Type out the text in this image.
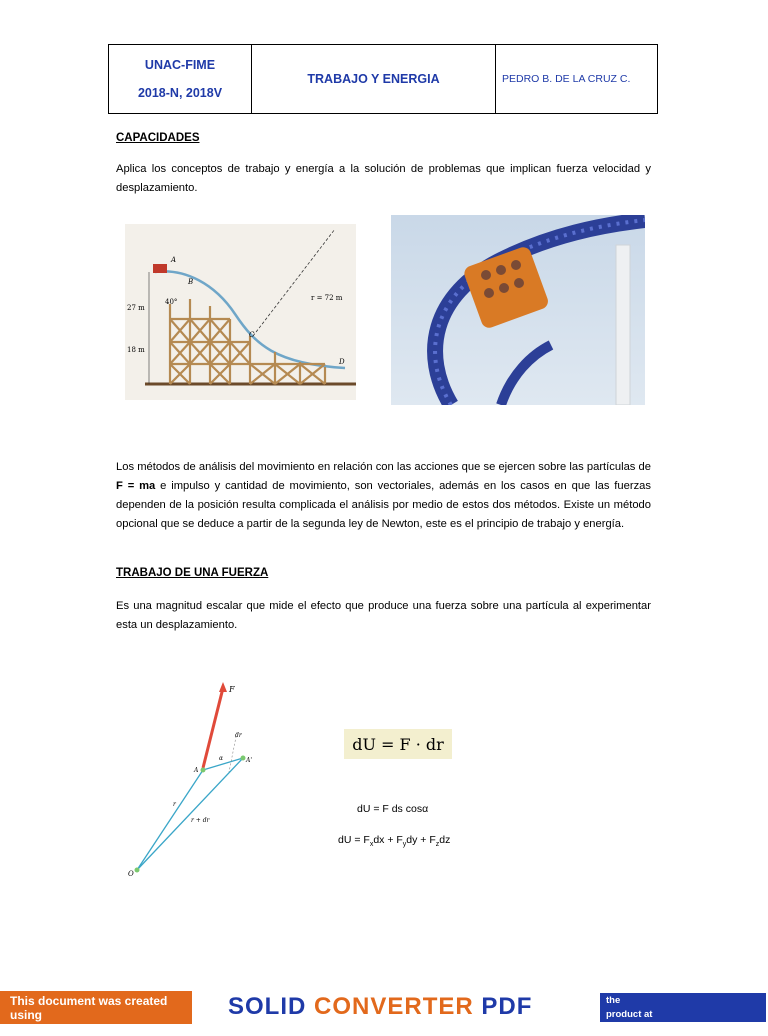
UNAC-FIME
2018-N, 2018V
TRABAJO Y ENERGIA	PEDRO B. DE LA CRUZ C.
CAPACIDADES
Aplica los conceptos de trabajo y energía a la solución de problemas que implican fuerza velocidad y desplazamiento.
A
B
C
D
27 m
18 m
40°	r = 72 m
Los métodos de análisis del movimiento en relación con las acciones que se ejercen sobre las partículas de F = ma e impulso y cantidad de movimiento, son vectoriales, además en los casos en que las fuerzas dependen de la posición resulta complicada el análisis por medio de estos dos métodos. Existe un método opcional que se deduce a partir de la segunda ley de Newton, este es el principio de trabajo y energía.
TRABAJO DE UNA FUERZA
Es una magnitud escalar que mide el efecto que produce una fuerza sobre una partícula al experimentar esta un desplazamiento.
F
dr
α
A
A'
r
r + dr
O
dU = F · dr
dU = F ds cosα
dU = $F_xdx + F_ydy + F_zdz$
This document was created using	SOLID CONVERTER PDF
To remove this message, purchase the
product at www.SolidDocuments.com
